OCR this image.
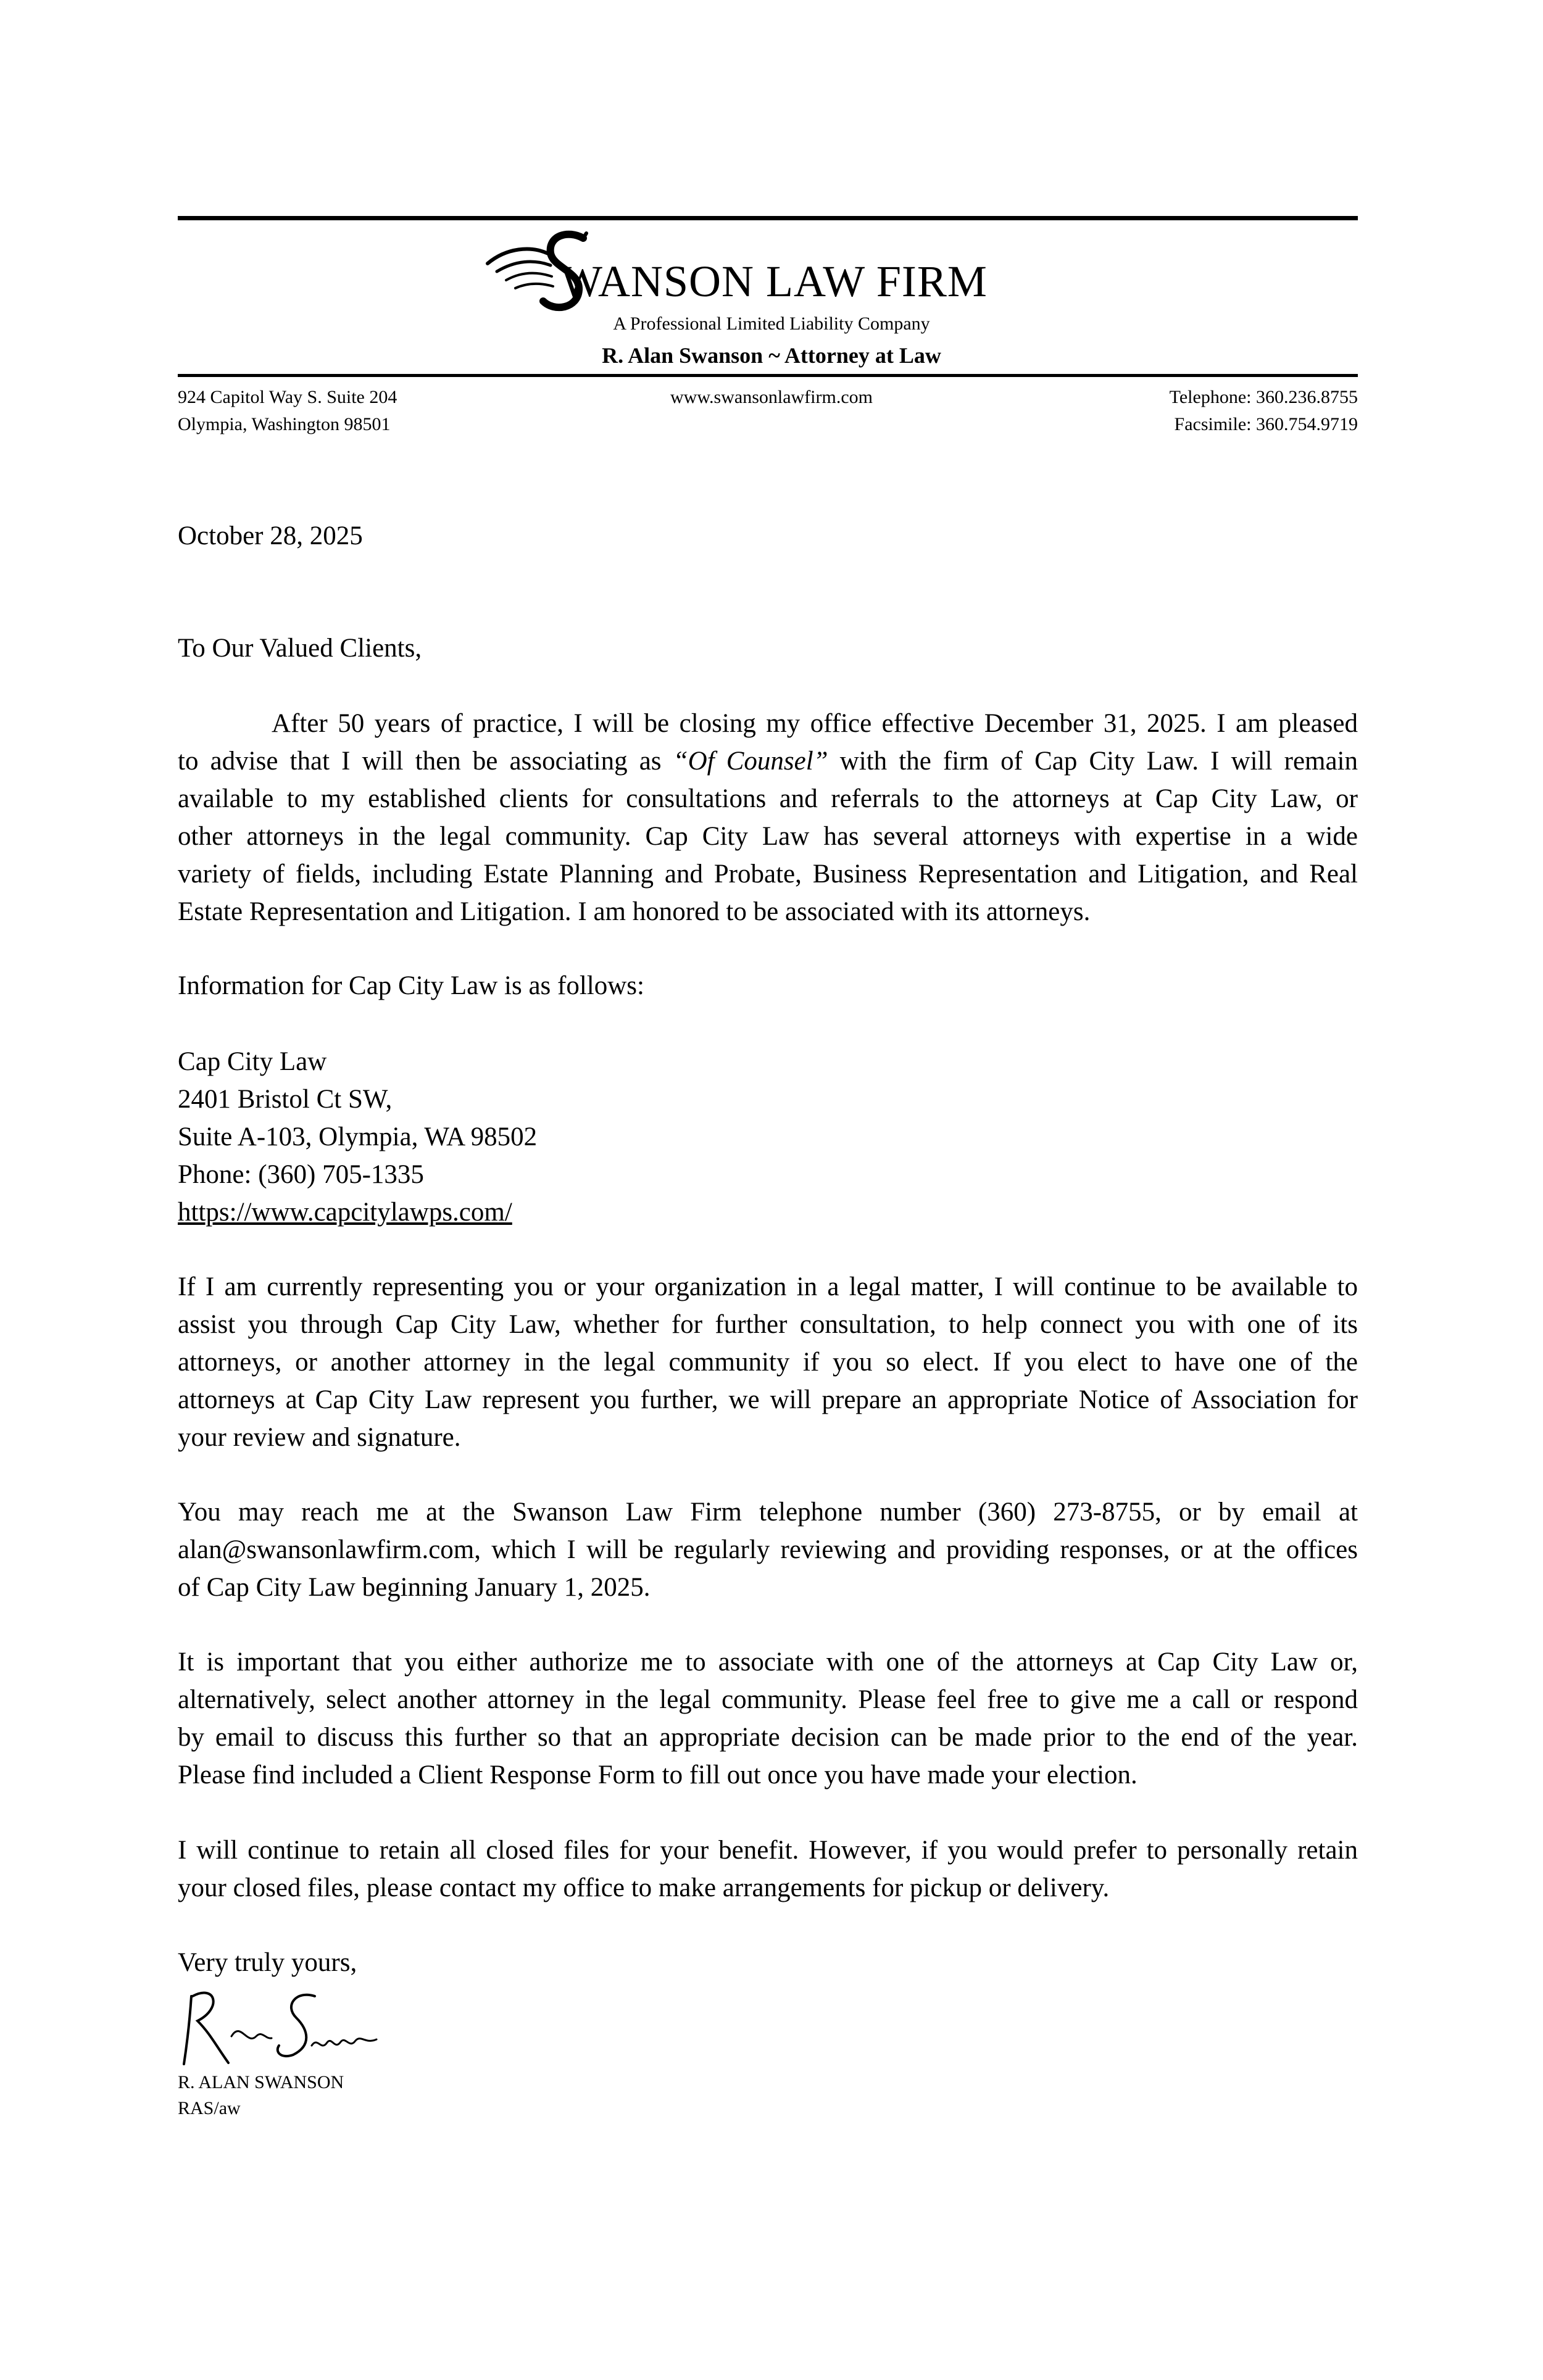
WANSON LAW FIRM
A Professional Limited Liability Company
R. Alan Swanson ~ Attorney at Law
924 Capitol Way S. Suite 204
Olympia, Washington 98501
www.swansonlawfirm.com	Telephone: 360.236.8755
Facsimile: 360.754.9719
October 28, 2025
To Our Valued Clients,
After 50 years of practice, I will be closing my office effective December 31, 2025. I am pleased
to advise that I will then be associating as “Of Counsel” with the firm of Cap City Law. I will remain
available to my established clients for consultations and referrals to the attorneys at Cap City Law, or
other attorneys in the legal community. Cap City Law has several attorneys with expertise in a wide
variety of fields, including Estate Planning and Probate, Business Representation and Litigation, and Real
Estate Representation and Litigation. I am honored to be associated with its attorneys.
Information for Cap City Law is as follows:
Cap City Law
2401 Bristol Ct SW,
Suite A-103, Olympia, WA 98502
Phone: (360) 705-1335
https://www.capcitylawps.com/
If I am currently representing you or your organization in a legal matter, I will continue to be available to
assist you through Cap City Law, whether for further consultation, to help connect you with one of its
attorneys, or another attorney in the legal community if you so elect. If you elect to have one of the
attorneys at Cap City Law represent you further, we will prepare an appropriate Notice of Association for
your review and signature.
You may reach me at the Swanson Law Firm telephone number (360) 273-8755, or by email at
alan@swansonlawfirm.com, which I will be regularly reviewing and providing responses, or at the offices
of Cap City Law beginning January 1, 2025.
It is important that you either authorize me to associate with one of the attorneys at Cap City Law or,
alternatively, select another attorney in the legal community. Please feel free to give me a call or respond
by email to discuss this further so that an appropriate decision can be made prior to the end of the year.
Please find included a Client Response Form to fill out once you have made your election.
I will continue to retain all closed files for your benefit. However, if you would prefer to personally retain
your closed files, please contact my office to make arrangements for pickup or delivery.
Very truly yours,
R. ALAN SWANSON
RAS/aw
